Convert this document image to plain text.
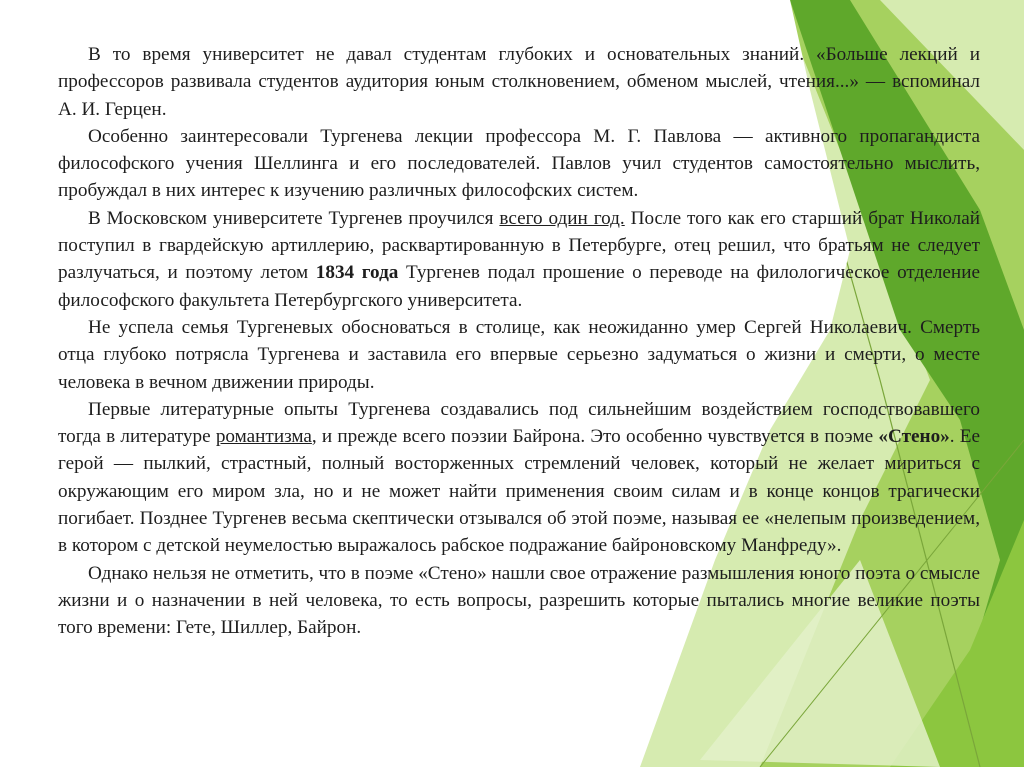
В то время университет не давал студентам глубоких и основательных знаний. «Больше лекций и профессоров развивала студентов аудитория юным столкновением, обменом мыслей, чтения...» — вспоминал А. И. Герцен.

Особенно заинтересовали Тургенева лекции профессора М. Г. Павлова — активного пропагандиста философского учения Шеллинга и его последователей. Павлов учил студентов самостоятельно мыслить, пробуждал в них интерес к изучению различных философских систем.

В Московском университете Тургенев проучился всего один год. После того как его старший брат Николай поступил в гвардейскую артиллерию, расквартированную в Петербурге, отец решил, что братьям не следует разлучаться, и поэтому летом 1834 года Тургенев подал прошение о переводе на филологическое отделение философского факультета Петербургского университета.

Не успела семья Тургеневых обосноваться в столице, как неожиданно умер Сергей Николаевич. Смерть отца глубоко потрясла Тургенева и заставила его впервые серьезно задуматься о жизни и смерти, о месте человека в вечном движении природы.

Первые литературные опыты Тургенева создавались под сильнейшим воздействием господствовавшего тогда в литературе романтизма, и прежде всего поэзии Байрона. Это особенно чувствуется в поэме «Стено». Ее герой — пылкий, страстный, полный восторженных стремлений человек, который не желает мириться с окружающим его миром зла, но и не может найти применения своим силам и в конце концов трагически погибает. Позднее Тургенев весьма скептически отзывался об этой поэме, называя ее «нелепым произведением, в котором с детской неумелостью выражалось рабское подражание байроновскому Манфреду».

Однако нельзя не отметить, что в поэме «Стено» нашли свое отражение размышления юного поэта о смысле жизни и о назначении в ней человека, то есть вопросы, разрешить которые пытались многие великие поэты того времени: Гете, Шиллер, Байрон.
